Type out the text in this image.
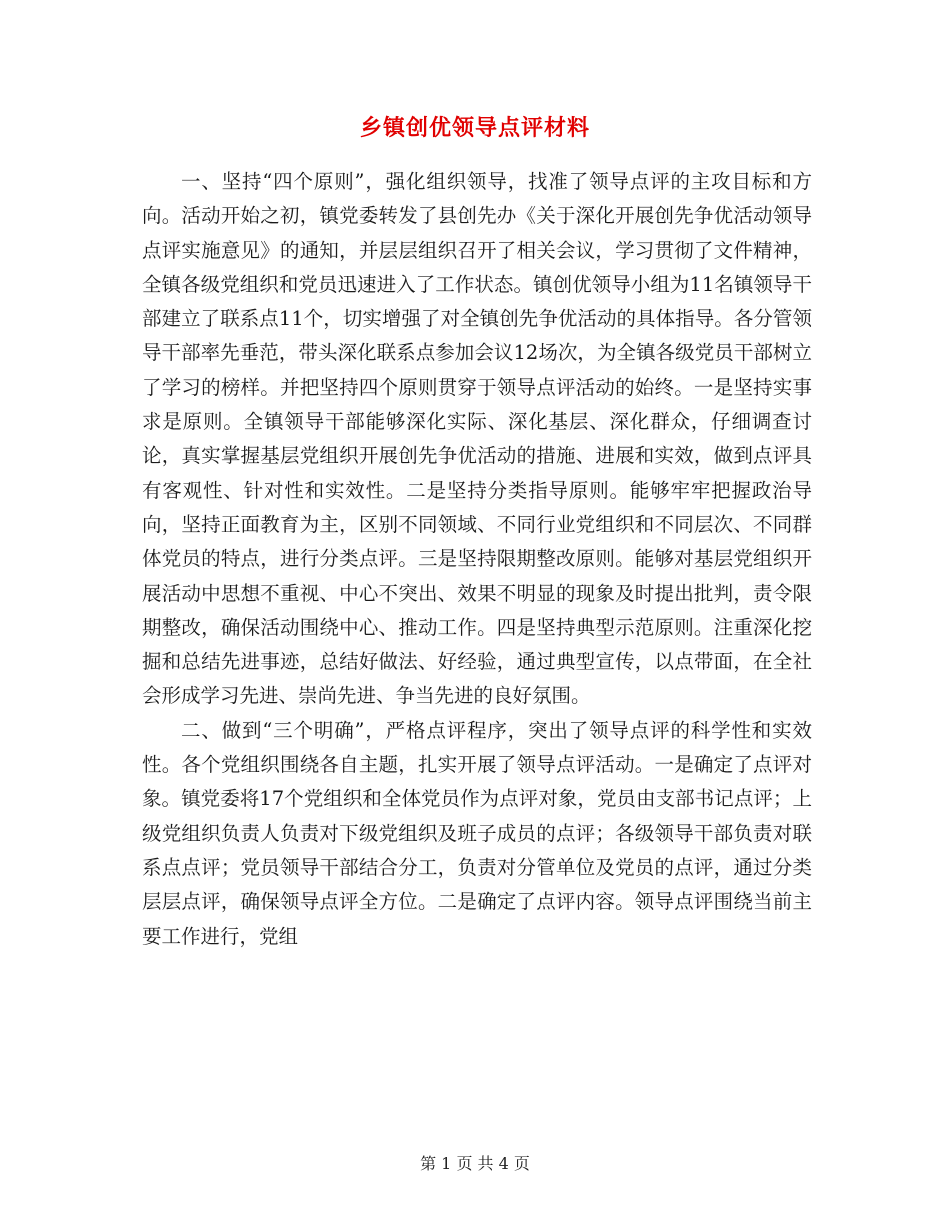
乡镇创优领导点评材料

一、坚持“四个原则”，强化组织领导，找准了领导点评的主攻目标和方向。活动开始之初，镇党委转发了县创先办《关于深化开展创先争优活动领导点评实施意见》的通知，并层层组织召开了相关会议，学习贯彻了文件精神，全镇各级党组织和党员迅速进入了工作状态。镇创优领导小组为11名镇领导干部建立了联系点11个，切实增强了对全镇创先争优活动的具体指导。各分管领导干部率先垂范，带头深化联系点参加会议12场次，为全镇各级党员干部树立了学习的榜样。并把坚持四个原则贯穿于领导点评活动的始终。一是坚持实事求是原则。全镇领导干部能够深化实际、深化基层、深化群众，仔细调查讨论，真实掌握基层党组织开展创先争优活动的措施、进展和实效，做到点评具有客观性、针对性和实效性。二是坚持分类指导原则。能够牢牢把握政治导向，坚持正面教育为主，区别不同领域、不同行业党组织和不同层次、不同群体党员的特点，进行分类点评。三是坚持限期整改原则。能够对基层党组织开展活动中思想不重视、中心不突出、效果不明显的现象及时提出批判，责令限期整改，确保活动围绕中心、推动工作。四是坚持典型示范原则。注重深化挖掘和总结先进事迹，总结好做法、好经验，通过典型宣传，以点带面，在全社会形成学习先进、崇尚先进、争当先进的良好氛围。

二、做到“三个明确”，严格点评程序，突出了领导点评的科学性和实效性。各个党组织围绕各自主题，扎实开展了领导点评活动。一是确定了点评对象。镇党委将17个党组织和全体党员作为点评对象，党员由支部书记点评；上级党组织负责人负责对下级党组织及班子成员的点评；各级领导干部负责对联系点点评；党员领导干部结合分工，负责对分管单位及党员的点评，通过分类层层点评，确保领导点评全方位。二是确定了点评内容。领导点评围绕当前主要工作进行，党组

第 1 页 共 4 页
